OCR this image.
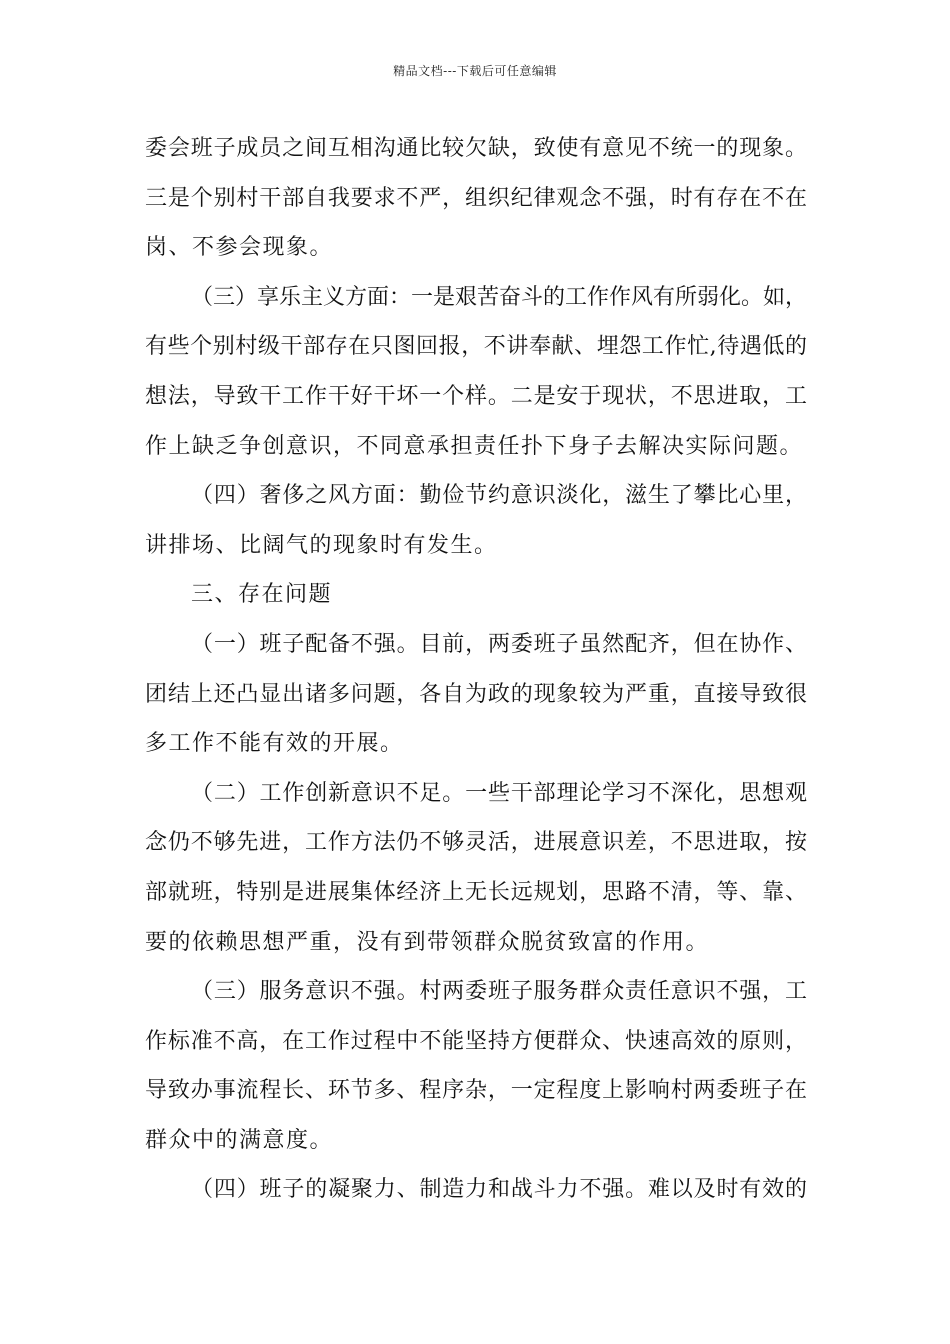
精品文档---下载后可任意编辑
委会班子成员之间互相沟通比较欠缺，致使有意见不统一的现象。
三是个别村干部自我要求不严，组织纪律观念不强，时有存在不在
岗、不参会现象。
（三）享乐主义方面：一是艰苦奋斗的工作作风有所弱化。如，
有些个别村级干部存在只图回报，不讲奉献、埋怨工作忙,待遇低的
想法，导致干工作干好干坏一个样。二是安于现状，不思进取，工
作上缺乏争创意识，不同意承担责任扑下身子去解决实际问题。
（四）奢侈之风方面：勤俭节约意识淡化，滋生了攀比心里，
讲排场、比阔气的现象时有发生。
三、存在问题
（一）班子配备不强。目前，两委班子虽然配齐，但在协作、
团结上还凸显出诸多问题，各自为政的现象较为严重，直接导致很
多工作不能有效的开展。
（二）工作创新意识不足。一些干部理论学习不深化，思想观
念仍不够先进，工作方法仍不够灵活，进展意识差，不思进取，按
部就班，特别是进展集体经济上无长远规划，思路不清，等、靠、
要的依赖思想严重，没有到带领群众脱贫致富的作用。
（三）服务意识不强。村两委班子服务群众责任意识不强，工
作标准不高，在工作过程中不能坚持方便群众、快速高效的原则，
导致办事流程长、环节多、程序杂，一定程度上影响村两委班子在
群众中的满意度。
（四）班子的凝聚力、制造力和战斗力不强。难以及时有效的
